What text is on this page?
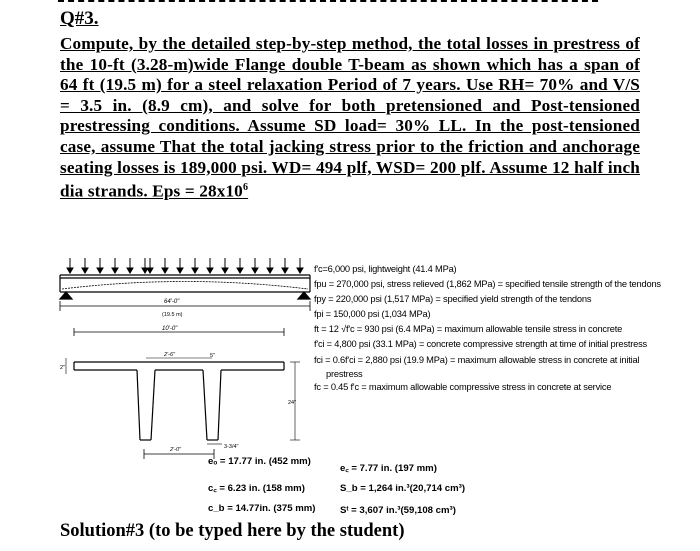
Q#3.
Compute, by the detailed step-by-step method, the total losses in prestress of the 10-ft (3.28-m)wide Flange double T-beam as shown which has a span of 64 ft (19.5 m) for a steel relaxation Period of 7 years. Use RH= 70% and V/S = 3.5 in. (8.9 cm), and solve for both pretensioned and Post-tensioned prestressing conditions. Assume SD load= 30% LL. In the post-tensioned case, assume That the total jacking stress prior to the friction and anchorage seating losses is 189,000 psi. WD= 494 plf, WSD= 200 plf. Assume 12 half inch dia strands. Eps = $28x10^6$
64'-0"
(19.5 m)
10'-0"
2'-6"
2"
5"
24"
2'-0"	3-3/4"
f'c=6,000 psi, lightweight (41.4 MPa)
fpu = 270,000 psi, stress relieved (1,862 MPa) = specified tensile strength of the tendons
fpy = 220,000 psi (1,517 MPa) = specified yield strength of the tendons
fpi = 150,000 psi (1,034 MPa)
ft = 12 √f'c = 930 psi (6.4 MPa) = maximum allowable tensile stress in concrete
f'ci = 4,800 psi (33.1 MPa) = concrete compressive strength at time of initial prestress
fci = 0.6f'ci = 2,880 psi (19.9 MPa) = maximum allowable stress in concrete at initial
prestress
fc = 0.45 f'c = maximum allowable compressive stress in concrete at service
eₒ = 17.77 in. (452 mm)
c꜀ = 6.23 in. (158 mm)
c_b = 14.77in. (375 mm)
e꜀ = 7.77 in. (197 mm)
S_b = 1,264 in.³(20,714 cm³)
Sᵗ = 3,607 in.³(59,108 cm³)
Solution#3 (to be typed here by the student)
